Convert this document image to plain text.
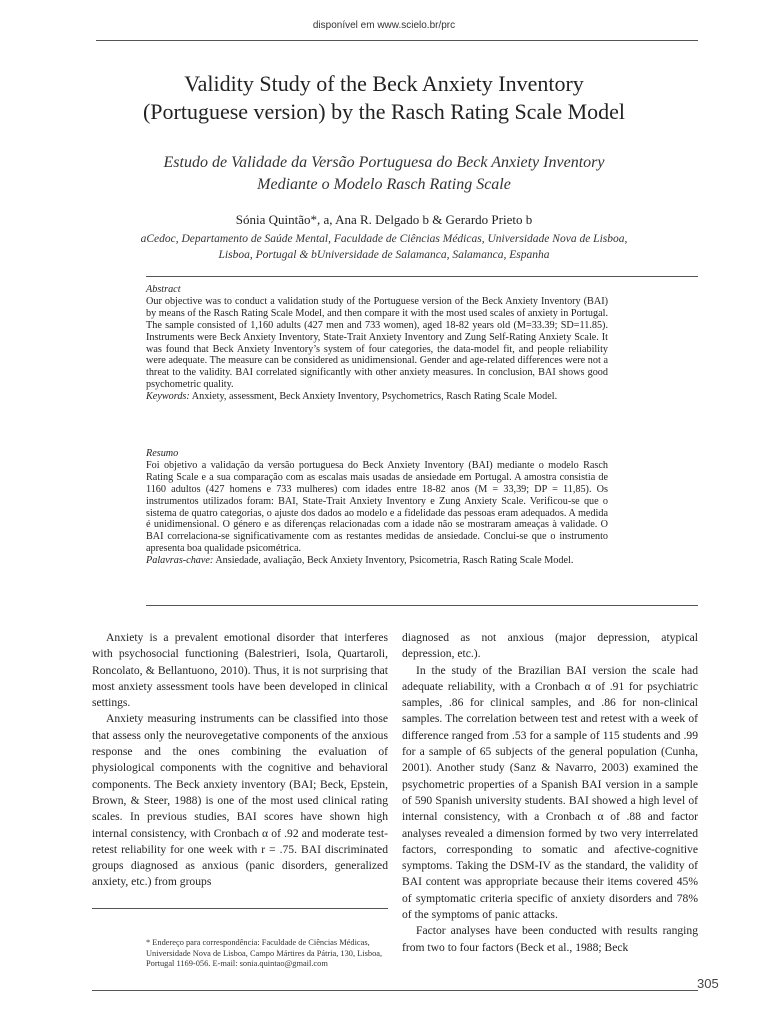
disponível em www.scielo.br/prc
Validity Study of the Beck Anxiety Inventory
(Portuguese version) by the Rasch Rating Scale Model
Estudo de Validade da Versão Portuguesa do Beck Anxiety Inventory
Mediante o Modelo Rasch Rating Scale
Sónia Quintão*, a, Ana R. Delgado b & Gerardo Prieto b
aCedoc, Departamento de Saúde Mental, Faculdade de Ciências Médicas, Universidade Nova de Lisboa,
Lisboa, Portugal & bUniversidade de Salamanca, Salamanca, Espanha
Abstract
Our objective was to conduct a validation study of the Portuguese version of the Beck Anxiety Inventory (BAI) by means of the Rasch Rating Scale Model, and then compare it with the most used scales of anxiety in Portugal. The sample consisted of 1,160 adults (427 men and 733 women), aged 18-82 years old (M=33.39; SD=11.85). Instruments were Beck Anxiety Inventory, State-Trait Anxiety Inventory and Zung Self-Rating Anxiety Scale. It was found that Beck Anxiety Inventory’s system of four categories, the data-model fit, and people reliability were adequate. The measure can be considered as unidimensional. Gender and age-related differences were not a threat to the validity. BAI correlated significantly with other anxiety measures. In conclusion, BAI shows good psychometric quality.
Keywords: Anxiety, assessment, Beck Anxiety Inventory, Psychometrics, Rasch Rating Scale Model.
Resumo
Foi objetivo a validação da versão portuguesa do Beck Anxiety Inventory (BAI) mediante o modelo Rasch Rating Scale e a sua comparação com as escalas mais usadas de ansiedade em Portugal. A amostra consistia de 1160 adultos (427 homens e 733 mulheres) com idades entre 18-82 anos (M = 33,39; DP = 11,85). Os instrumentos utilizados foram: BAI, State-Trait Anxiety Inventory e Zung Anxiety Scale. Verificou-se que o sistema de quatro categorias, o ajuste dos dados ao modelo e a fidelidade das pessoas eram adequados. A medida é unidimensional. O género e as diferenças relacionadas com a idade não se mostraram ameaças à validade. O BAI correlaciona-se significativamente com as restantes medidas de ansiedade. Conclui-se que o instrumento apresenta boa qualidade psicométrica.
Palavras-chave: Ansiedade, avaliação, Beck Anxiety Inventory, Psicometria, Rasch Rating Scale Model.

Anxiety is a prevalent emotional disorder that interferes with psychosocial functioning (Balestrieri, Isola, Quartaroli, Roncolato, & Bellantuono, 2010). Thus, it is not surprising that most anxiety assessment tools have been developed in clinical settings.

Anxiety measuring instruments can be classified into those that assess only the neurovegetative components of the anxious response and the ones combining the evaluation of physiological components with the cognitive and behavioral components. The Beck anxiety inventory (BAI; Beck, Epstein, Brown, & Steer, 1988) is one of the most used clinical rating scales. In previous studies, BAI scores have shown high internal consistency, with Cronbach α of .92 and moderate test-retest reliability for one week with r = .75. BAI discriminated groups diagnosed as anxious (panic disorders, generalized anxiety, etc.) from groups

diagnosed as not anxious (major depression, atypical depression, etc.).

In the study of the Brazilian BAI version the scale had adequate reliability, with a Cronbach α of .91 for psychiatric samples, .86 for clinical samples, and .86 for non-clinical samples. The correlation between test and retest with a week of difference ranged from .53 for a sample of 115 students and .99 for a sample of 65 subjects of the general population (Cunha, 2001). Another study (Sanz & Navarro, 2003) examined the psychometric properties of a Spanish BAI version in a sample of 590 Spanish university students. BAI showed a high level of internal consistency, with a Cronbach α of .88 and factor analyses revealed a dimension formed by two very interrelated factors, corresponding to somatic and afective-cognitive symptoms. Taking the DSM-IV as the standard, the validity of BAI content was appropriate because their items covered 45% of symptomatic criteria specific of anxiety disorders and 78% of the symptoms of panic attacks.

Factor analyses have been conducted with results ranging from two to four factors (Beck et al., 1988; Beck

* Endereço para correspondência: Faculdade de Ciências Médicas, Universidade Nova de Lisboa, Campo Mártires da Pátria, 130, Lisboa, Portugal 1169-056. E-mail: sonia.quintao@gmail.com
305
